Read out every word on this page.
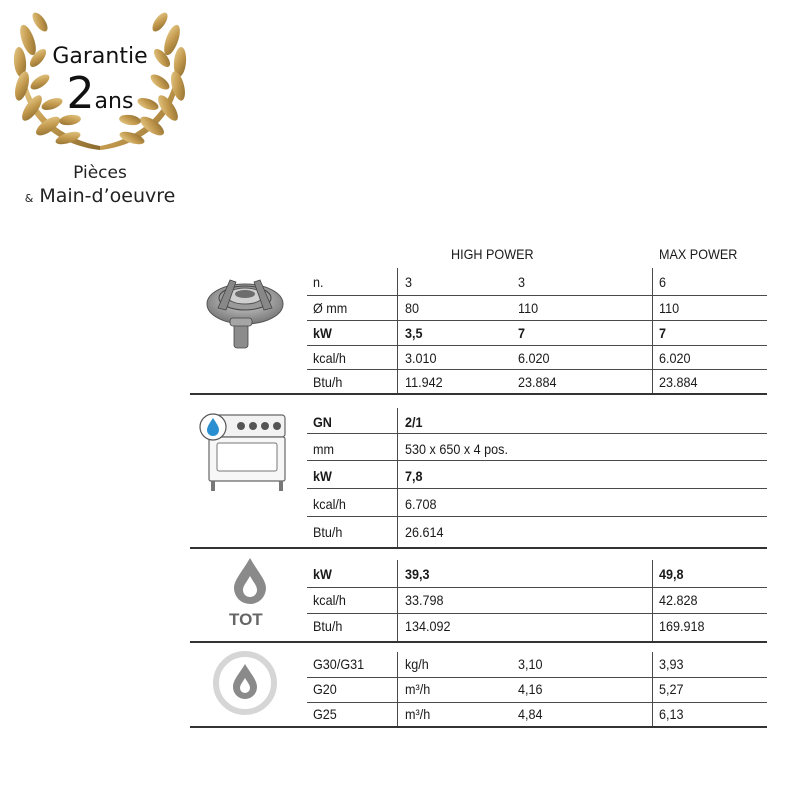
Garantie
2ans
Pièces
& Main-d’oeuvre
HIGH POWER	MAX POWER
n.	3	3	6
Ø mm	80	110	110
kW	3,5	7	7
kcal/h	3.010	6.020	6.020
Btu/h	11.942	23.884	23.884
GN	2/1
mm	530 x 650 x 4 pos.
kW	7,8
kcal/h	6.708
Btu/h	26.614
TOT
kW	39,3	49,8
kcal/h	33.798	42.828
Btu/h	134.092	169.918
G30/G31	kg/h	3,10	3,93
G20	m³/h	4,16	5,27
G25	m³/h	4,84	6,13
